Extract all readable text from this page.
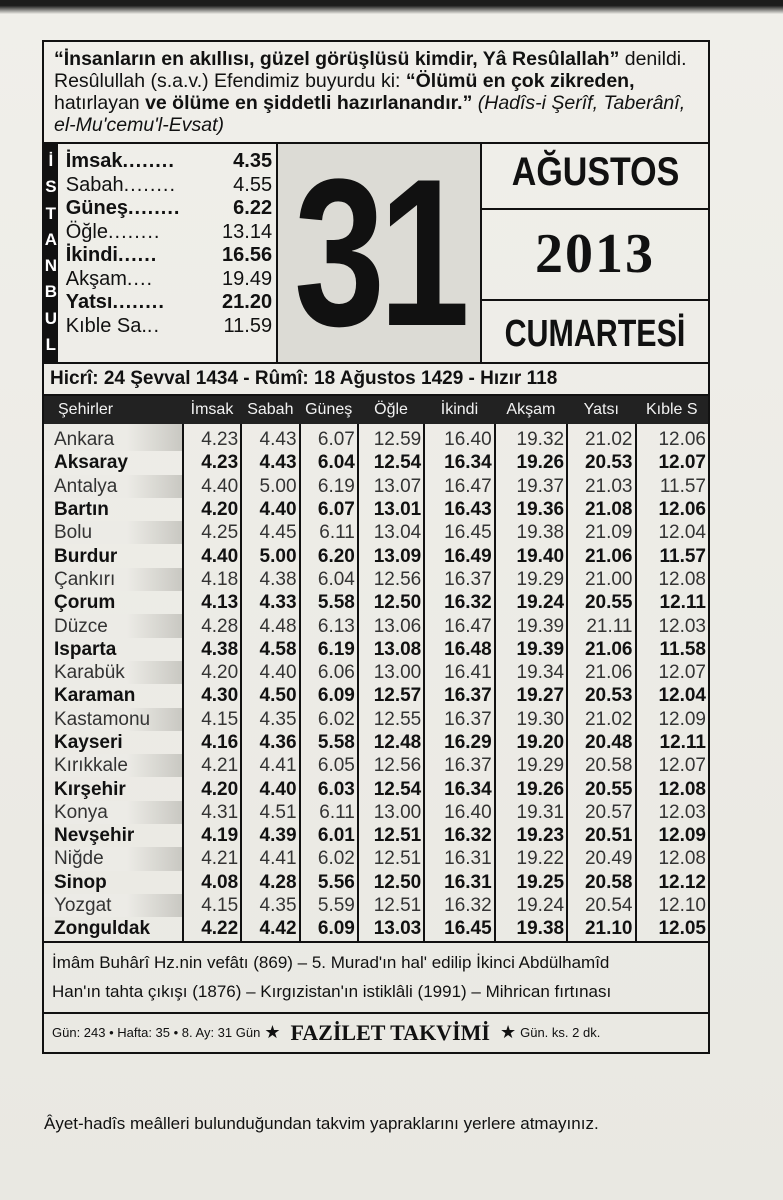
“İnsanların en akıllısı, güzel görüşlüsü kimdir, Yâ Resûlallah” denildi. Resûlullah (s.a.v.) Efendimiz buyurdu ki: “Ölümü en çok zikreden, hatırlayan ve ölüme en şiddetli hazırlanandır.” (Hadîs-i Şerîf, Taberânî, el-Mu'cemu'l-Evsat)
İ
S
T
A
N
B
U
L
İmsak ........	4.35
Sabah ........	4.55
Güneş ........	6.22
Öğle ........	13.14
İkindi ......	16.56
Akşam ....	19.49
Yatsı ........	21.20
Kıble Sa. ..	11.59 31 AĞUSTOS
2013
CUMARTESİ
Hicrî: 24 Şevval 1434 - Rûmî: 18 Ağustos 1429 - Hızır 118
Şehirler	İmsak	Sabah	Güneş	Öğle	İkindi	Akşam	Yatsı	Kıble S
Ankara	4.23	4.43	6.07	12.59	16.40	19.32	21.02	12.06
Aksaray	4.23	4.43	6.04	12.54	16.34	19.26	20.53	12.07
Antalya	4.40	5.00	6.19	13.07	16.47	19.37	21.03	11.57
Bartın	4.20	4.40	6.07	13.01	16.43	19.36	21.08	12.06
Bolu	4.25	4.45	6.11	13.04	16.45	19.38	21.09	12.04
Burdur	4.40	5.00	6.20	13.09	16.49	19.40	21.06	11.57
Çankırı	4.18	4.38	6.04	12.56	16.37	19.29	21.00	12.08
Çorum	4.13	4.33	5.58	12.50	16.32	19.24	20.55	12.11
Düzce	4.28	4.48	6.13	13.06	16.47	19.39	21.11	12.03
Isparta	4.38	4.58	6.19	13.08	16.48	19.39	21.06	11.58
Karabük	4.20	4.40	6.06	13.00	16.41	19.34	21.06	12.07
Karaman	4.30	4.50	6.09	12.57	16.37	19.27	20.53	12.04
Kastamonu	4.15	4.35	6.02	12.55	16.37	19.30	21.02	12.09
Kayseri	4.16	4.36	5.58	12.48	16.29	19.20	20.48	12.11
Kırıkkale	4.21	4.41	6.05	12.56	16.37	19.29	20.58	12.07
Kırşehir	4.20	4.40	6.03	12.54	16.34	19.26	20.55	12.08
Konya	4.31	4.51	6.11	13.00	16.40	19.31	20.57	12.03
Nevşehir	4.19	4.39	6.01	12.51	16.32	19.23	20.51	12.09
Niğde	4.21	4.41	6.02	12.51	16.31	19.22	20.49	12.08
Sinop	4.08	4.28	5.56	12.50	16.31	19.25	20.58	12.12
Yozgat	4.15	4.35	5.59	12.51	16.32	19.24	20.54	12.10
Zonguldak	4.22	4.42	6.09	13.03	16.45	19.38	21.10	12.05
İmâm Buhârî Hz.nin vefâtı (869) – 5. Murad'ın hal' edilip İkinci Abdülhamîd
Han'ın tahta çıkışı (1876) – Kırgızistan'ın istiklâli (1991) – Mihrican fırtınası
Gün: 243 • Hafta: 35 • 8. Ay: 31 Gün ★ FAZİLET TAKVİMİ ★ Gün. ks. 2 dk.
Âyet-hadîs meâlleri bulunduğundan takvim yapraklarını yerlere atmayınız.
